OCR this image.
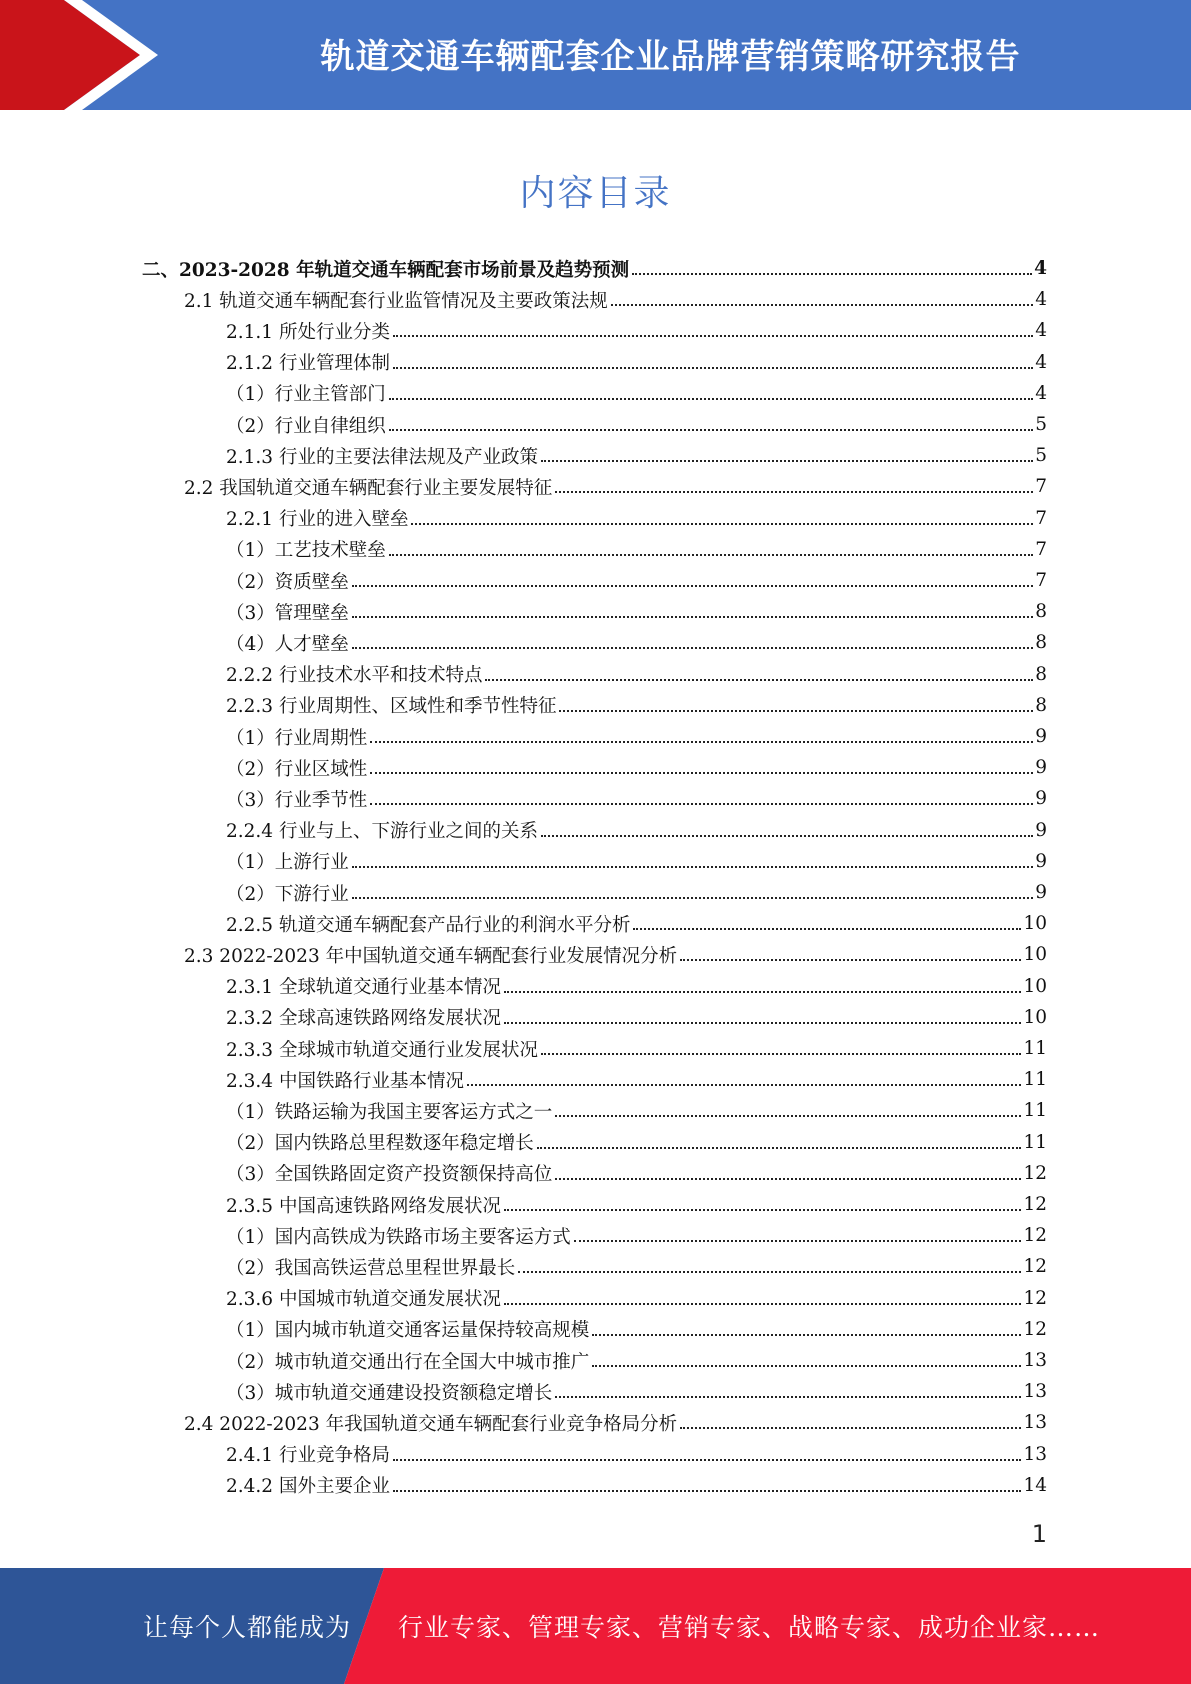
轨道交通车辆配套企业品牌营销策略研究报告
内容目录
二、2023-2028 年轨道交通车辆配套市场前景及趋势预测	4
2.1 轨道交通车辆配套行业监管情况及主要政策法规	4
2.1.1 所处行业分类	4
2.1.2 行业管理体制	4
（1）行业主管部门	4
（2）行业自律组织	5
2.1.3 行业的主要法律法规及产业政策	5
2.2 我国轨道交通车辆配套行业主要发展特征	7
2.2.1 行业的进入壁垒	7
（1）工艺技术壁垒	7
（2）资质壁垒	7
（3）管理壁垒	8
（4）人才壁垒	8
2.2.2 行业技术水平和技术特点	8
2.2.3 行业周期性、区域性和季节性特征	8
（1）行业周期性	9
（2）行业区域性	9
（3）行业季节性	9
2.2.4 行业与上、下游行业之间的关系	9
（1）上游行业	9
（2）下游行业	9
2.2.5 轨道交通车辆配套产品行业的利润水平分析	10
2.3 2022-2023 年中国轨道交通车辆配套行业发展情况分析	10
2.3.1 全球轨道交通行业基本情况	10
2.3.2 全球高速铁路网络发展状况	10
2.3.3 全球城市轨道交通行业发展状况	11
2.3.4 中国铁路行业基本情况	11
（1）铁路运输为我国主要客运方式之一	11
（2）国内铁路总里程数逐年稳定增长	11
（3）全国铁路固定资产投资额保持高位	12
2.3.5 中国高速铁路网络发展状况	12
（1）国内高铁成为铁路市场主要客运方式	12
（2）我国高铁运营总里程世界最长	12
2.3.6 中国城市轨道交通发展状况	12
（1）国内城市轨道交通客运量保持较高规模	12
（2）城市轨道交通出行在全国大中城市推广	13
（3）城市轨道交通建设投资额稳定增长	13
2.4 2022-2023 年我国轨道交通车辆配套行业竞争格局分析	13
2.4.1 行业竞争格局	13
2.4.2 国外主要企业	14
1
让每个人都能成为 行业专家、管理专家、营销专家、战略专家、成功企业家……
